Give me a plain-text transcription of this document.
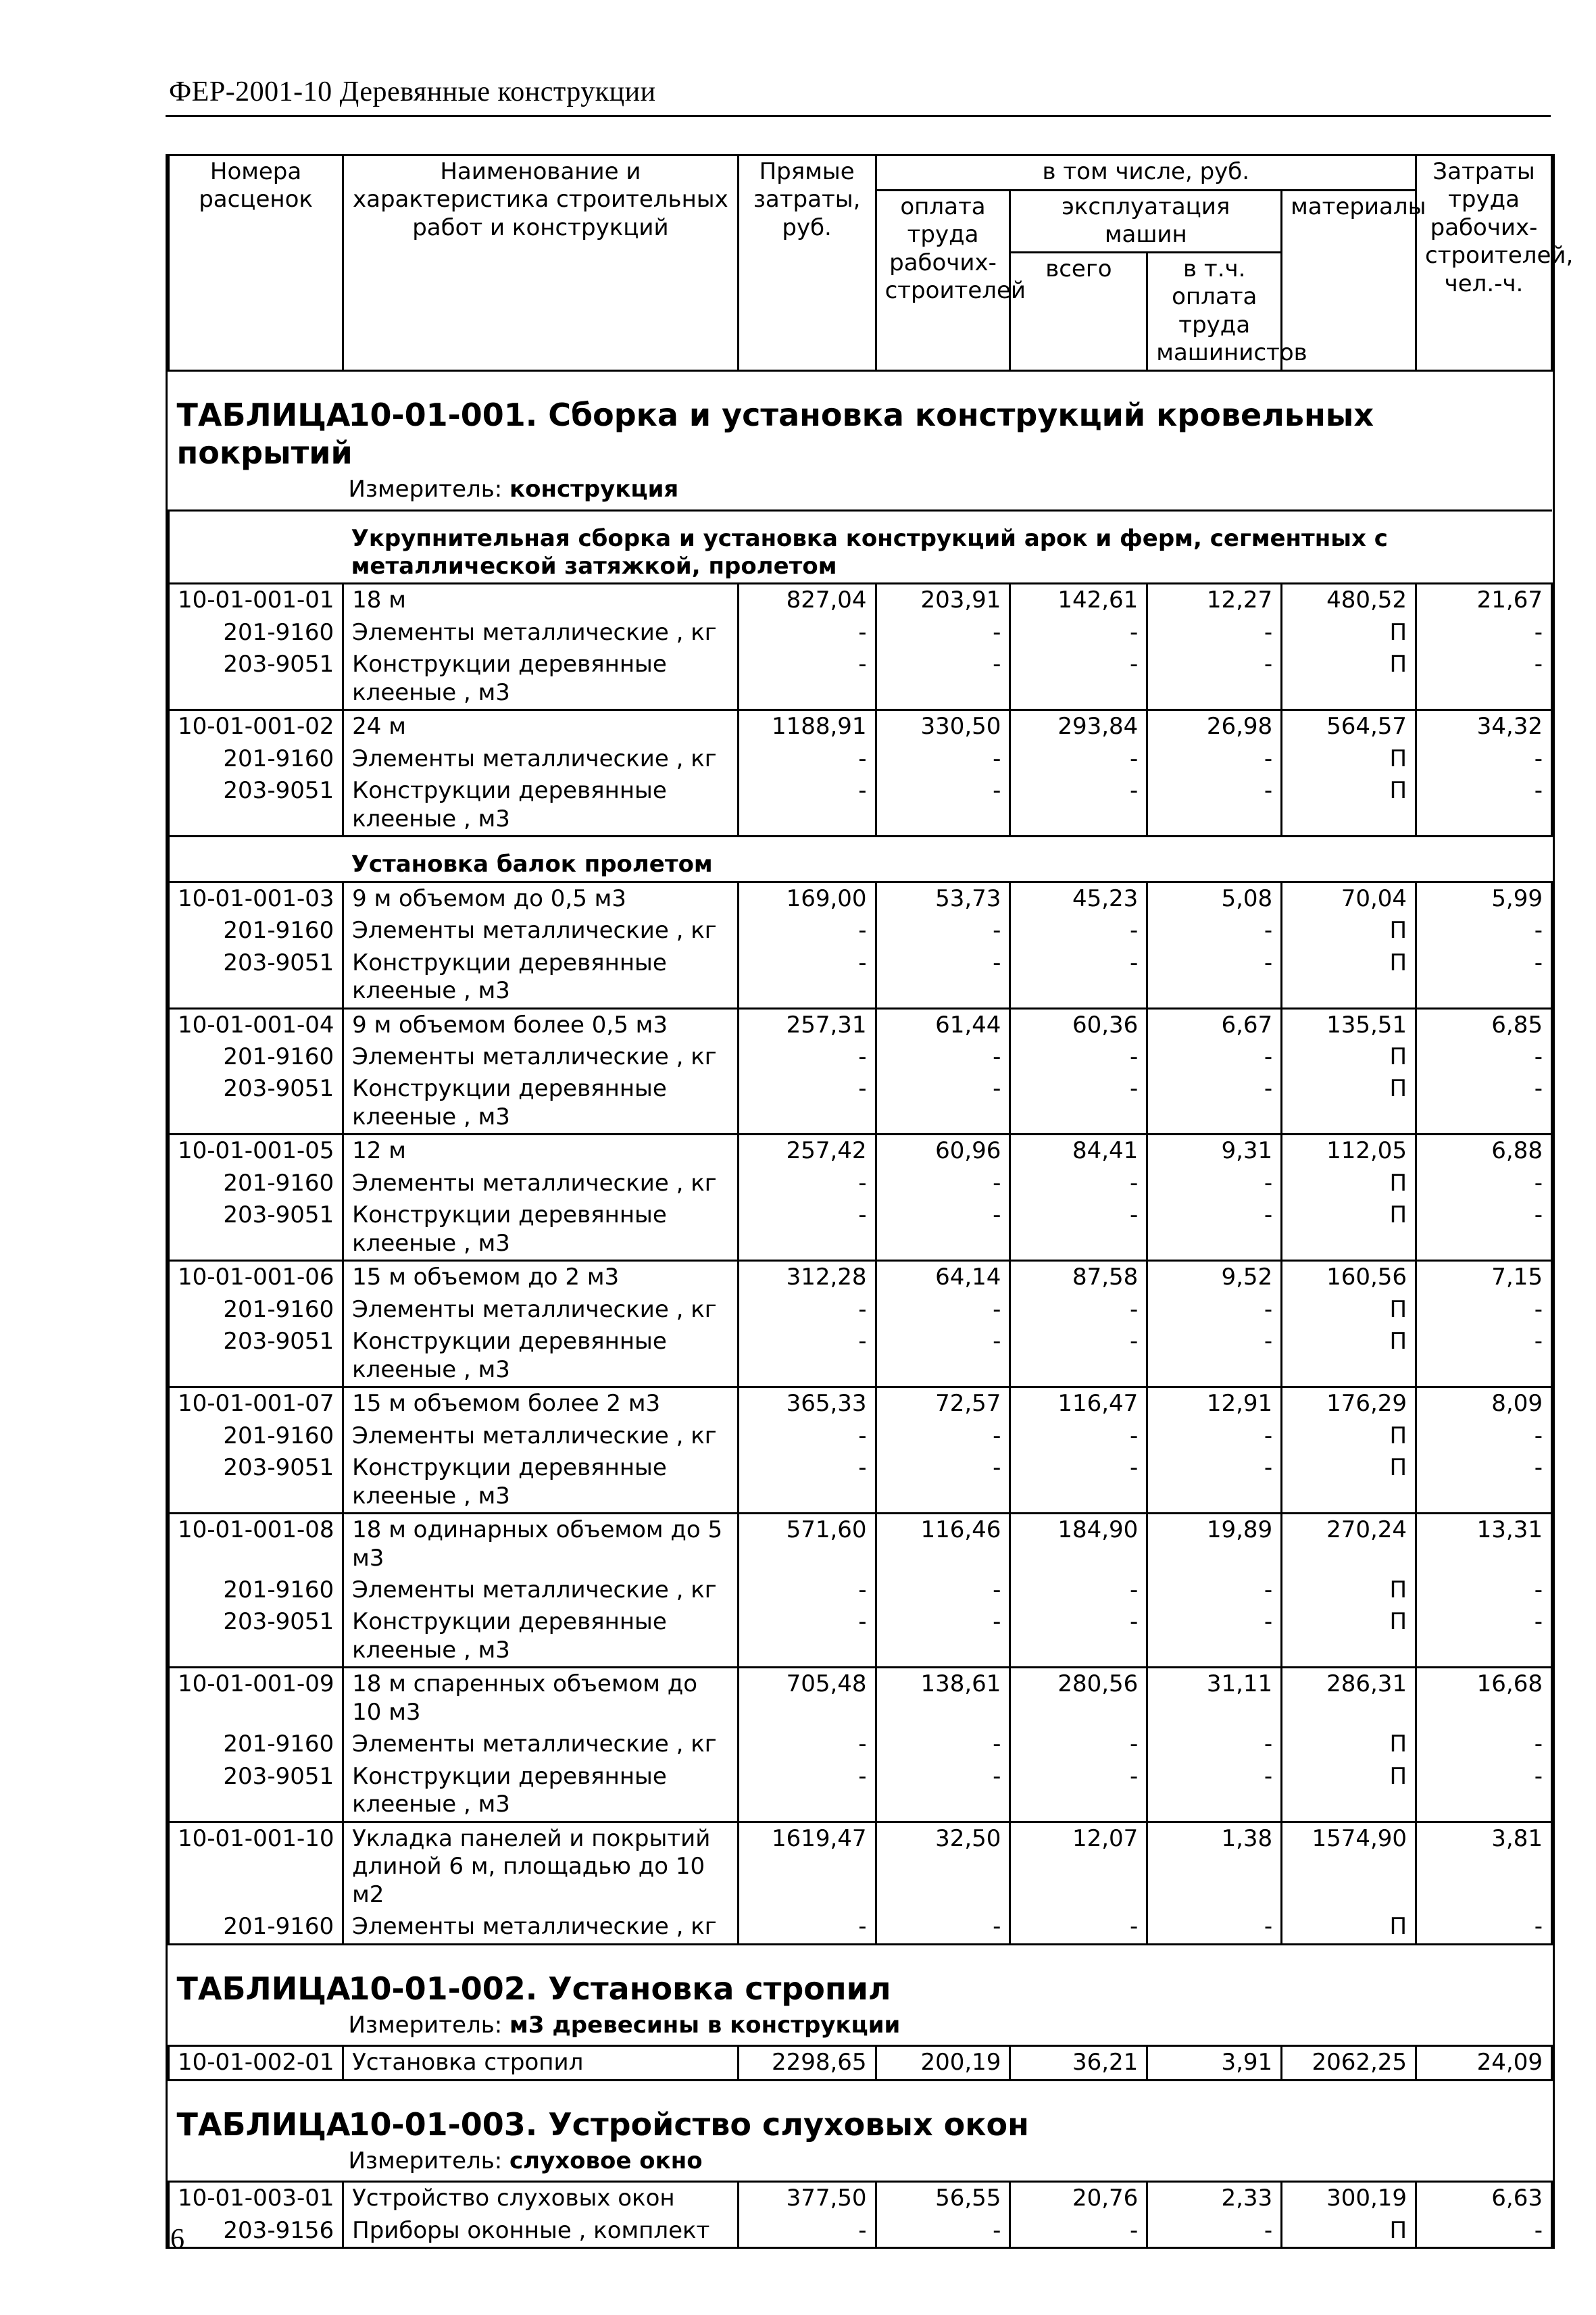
ФЕР-2001-10 Деревянные конструкции
Номера расценок	Наименование и характеристика строительных работ и конструкций	Прямые затраты, руб.	в том числе, руб.				Затраты труда рабочих-строителей, чел.-ч.
			оплата труда рабочих-строителей	эксплуатация машин		материалы	
				всего	в т.ч. оплата труда машинистов		
ТАБЛИЦА10-01-001. Сборка и установка конструкций кровельных покрытий							

Измеритель: конструкция							

	Укрупнительная сборка и установка конструкций арок и ферм, сегментных с металлической затяжкой, пролетом						
10-01-001-01	18 м	827,04	203,91	142,61	12,27	480,52	21,67
201-9160	Элементы металлические , кг	-	-	-	-	П	-
203-9051	Конструкции деревянные клееные , м3	-	-	-	-	П	-
10-01-001-02	24 м	1188,91	330,50	293,84	26,98	564,57	34,32
201-9160	Элементы металлические , кг	-	-	-	-	П	-
203-9051	Конструкции деревянные клееные , м3	-	-	-	-	П	-
	Установка балок пролетом						
10-01-001-03	9 м объемом до 0,5 м3	169,00	53,73	45,23	5,08	70,04	5,99
201-9160	Элементы металлические , кг	-	-	-	-	П	-
203-9051	Конструкции деревянные клееные , м3	-	-	-	-	П	-
10-01-001-04	9 м объемом более 0,5 м3	257,31	61,44	60,36	6,67	135,51	6,85
201-9160	Элементы металлические , кг	-	-	-	-	П	-
203-9051	Конструкции деревянные клееные , м3	-	-	-	-	П	-
10-01-001-05	12 м	257,42	60,96	84,41	9,31	112,05	6,88
201-9160	Элементы металлические , кг	-	-	-	-	П	-
203-9051	Конструкции деревянные клееные , м3	-	-	-	-	П	-
10-01-001-06	15 м объемом до 2 м3	312,28	64,14	87,58	9,52	160,56	7,15
201-9160	Элементы металлические , кг	-	-	-	-	П	-
203-9051	Конструкции деревянные клееные , м3	-	-	-	-	П	-
10-01-001-07	15 м объемом более 2 м3	365,33	72,57	116,47	12,91	176,29	8,09
201-9160	Элементы металлические , кг	-	-	-	-	П	-
203-9051	Конструкции деревянные клееные , м3	-	-	-	-	П	-
10-01-001-08	18 м одинарных объемом до 5 м3	571,60	116,46	184,90	19,89	270,24	13,31
201-9160	Элементы металлические , кг	-	-	-	-	П	-
203-9051	Конструкции деревянные клееные , м3	-	-	-	-	П	-
10-01-001-09	18 м спаренных объемом до 10 м3	705,48	138,61	280,56	31,11	286,31	16,68
201-9160	Элементы металлические , кг	-	-	-	-	П	-
203-9051	Конструкции деревянные клееные , м3	-	-	-	-	П	-
10-01-001-10	Укладка панелей и покрытий длиной 6 м, площадью до 10 м2	1619,47	32,50	12,07	1,38	1574,90	3,81
201-9160	Элементы металлические , кг	-	-	-	-	П	-
ТАБЛИЦА10-01-002. Установка стропил							

Измеритель: м3 древесины в конструкции							

10-01-002-01	Установка стропил	2298,65	200,19	36,21	3,91	2062,25	24,09
ТАБЛИЦА10-01-003. Устройство слуховых окон							

Измеритель: слуховое окно							

10-01-003-01	Устройство слуховых окон	377,50	56,55	20,76	2,33	300,19	6,63
203-9156	Приборы оконные , комплект	-	-	-	-	П	-
6
